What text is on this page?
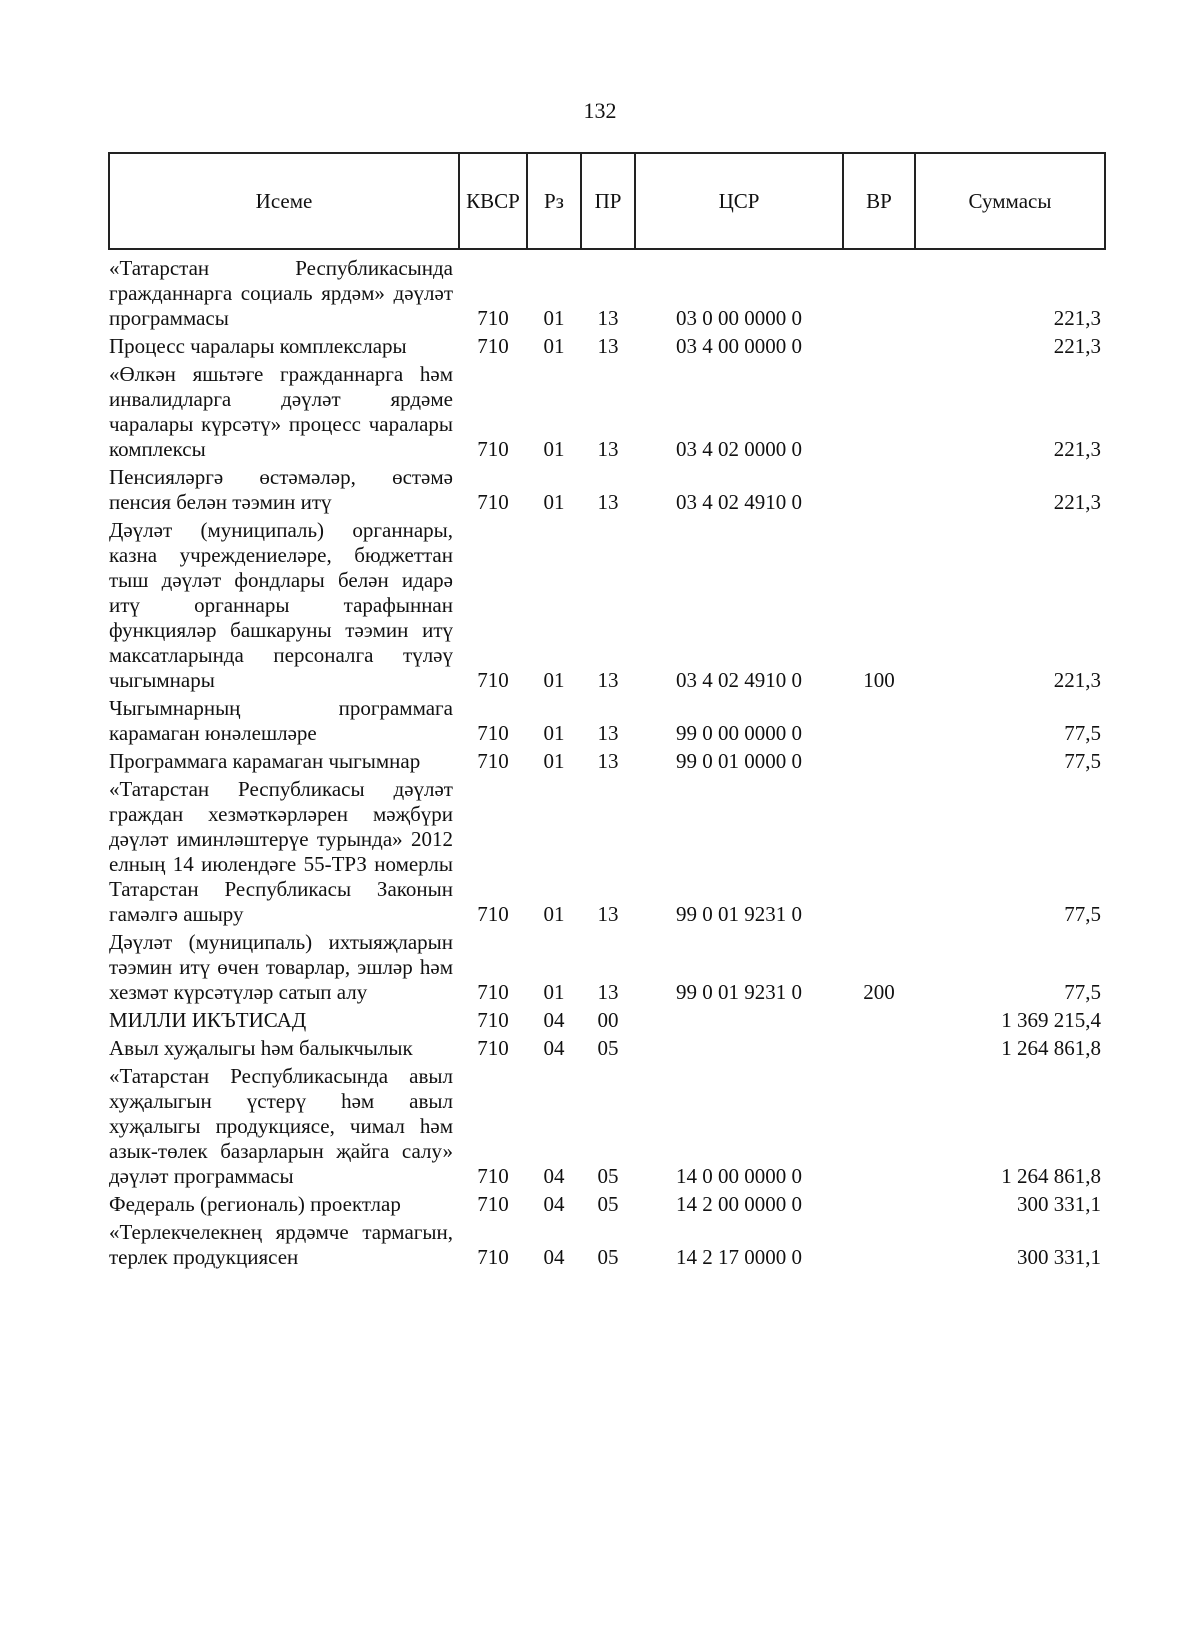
132
Исеме	КВСР	Рз	ПР	ЦСР	ВР	Суммасы
«Татарстан Республикасында гражданнарга социаль ярдәм» дәүләт программасы	710	01	13	03 0 00 0000 0		221,3
Процесс чаралары комплекслары	710	01	13	03 4 00 0000 0		221,3
«Өлкән яшьтәге гражданнарга һәм инвалидларга дәүләт ярдәме чаралары күрсәтү» процесс чаралары комплексы	710	01	13	03 4 02 0000 0		221,3
Пенсияләргә өстәмәләр, өстәмә пенсия белән тәэмин итү	710	01	13	03 4 02 4910 0		221,3
Дәүләт (муниципаль) органнары, казна учреждениеләре, бюджеттан тыш дәүләт фондлары белән идарә итү органнары тарафыннан функцияләр башкаруны тәэмин итү максатларында персоналга түләү чыгымнары	710	01	13	03 4 02 4910 0	100	221,3
Чыгымнарның программага карамаган юнәлешләре	710	01	13	99 0 00 0000 0		77,5
Программага карамаган чыгымнар	710	01	13	99 0 01 0000 0		77,5
«Татарстан Республикасы дәүләт граждан хезмәткәрләрен мәҗбүри дәүләт иминләштерүе турында» 2012 елның 14 июлендәге 55-ТРЗ номерлы Татарстан Республикасы Законын гамәлгә ашыру	710	01	13	99 0 01 9231 0		77,5
Дәүләт (муниципаль) ихтыяҗларын тәэмин итү өчен товарлар, эшләр һәм хезмәт күрсәтүләр сатып алу	710	01	13	99 0 01 9231 0	200	77,5
МИЛЛИ ИКЪТИСАД	710	04	00			1 369 215,4
Авыл хуҗалыгы һәм балыкчылык	710	04	05			1 264 861,8
«Татарстан Республикасында авыл хуҗалыгын үстерү һәм авыл хуҗалыгы продукциясе, чимал һәм азык-төлек базарларын җайга салу» дәүләт программасы	710	04	05	14 0 00 0000 0		1 264 861,8
Федераль (региональ) проектлар	710	04	05	14 2 00 0000 0		300 331,1
«Терлекчелекнең ярдәмче тармагын, терлек продукциясен	710	04	05	14 2 17 0000 0		300 331,1
